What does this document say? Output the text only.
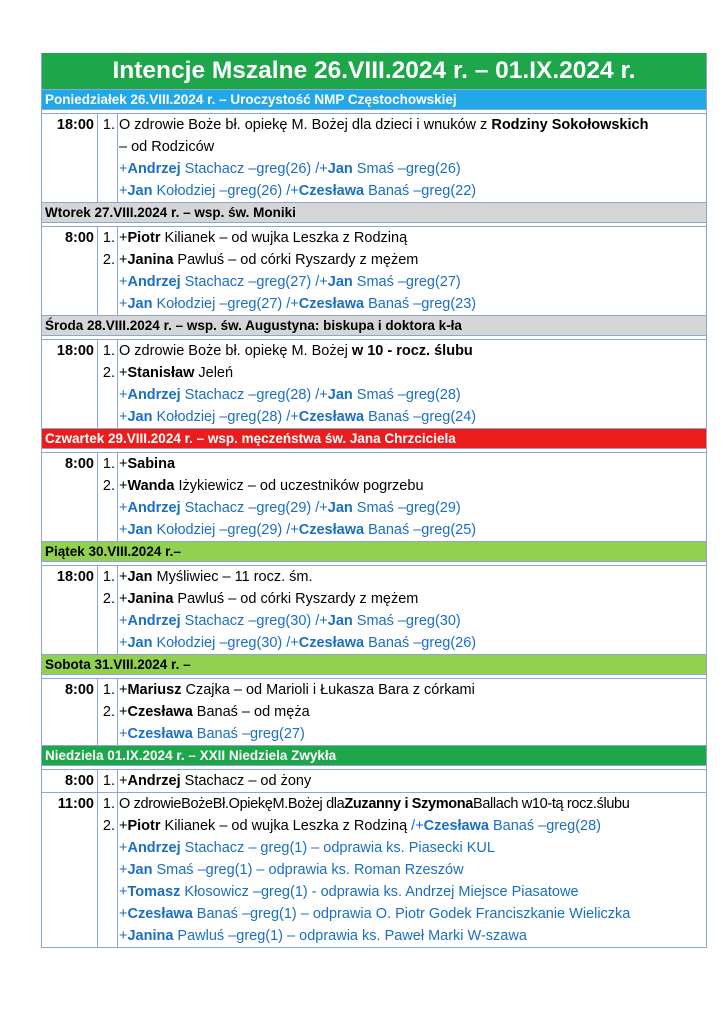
Intencje Mszalne 26.VIII.2024 r. – 01.IX.2024 r.
Poniedziałek 26.VIII.2024 r. – Uroczystość NMP Częstochowskiej
18:00 1. O zdrowie Boże bł. opiekę M. Bożej dla dzieci i wnuków z Rodziny Sokołowskich
– od Rodziców
+Andrzej Stachacz –greg(26) /+Jan Smaś –greg(26)
+Jan Kołodziej –greg(26) /+Czesława Banaś –greg(22)
Wtorek 27.VIII.2024 r. – wsp. św. Moniki
8:00 1.
2.
+Piotr Kilianek – od wujka Leszka z Rodziną
+Janina Pawluś – od córki Ryszardy z mężem
+Andrzej Stachacz –greg(27) /+Jan Smaś –greg(27)
+Jan Kołodziej –greg(27) /+Czesława Banaś –greg(23)
Środa 28.VIII.2024 r. – wsp. św. Augustyna: biskupa i doktora k-ła
18:00 1.
2.
O zdrowie Boże bł. opiekę M. Bożej w 10 - rocz. ślubu
+Stanisław Jeleń
+Andrzej Stachacz –greg(28) /+Jan Smaś –greg(28)
+Jan Kołodziej –greg(28) /+Czesława Banaś –greg(24)
Czwartek 29.VIII.2024 r. – wsp. męczeństwa św. Jana Chrzciciela
8:00 1.
2.
+Sabina
+Wanda Iżykiewicz – od uczestników pogrzebu
+Andrzej Stachacz –greg(29) /+Jan Smaś –greg(29)
+Jan Kołodziej –greg(29) /+Czesława Banaś –greg(25)
Piątek 30.VIII.2024 r.–
18:00 1.
2.
+Jan Myśliwiec – 11 rocz. śm.
+Janina Pawluś – od córki Ryszardy z mężem
+Andrzej Stachacz –greg(30) /+Jan Smaś –greg(30)
+Jan Kołodziej –greg(30) /+Czesława Banaś –greg(26)
Sobota 31.VIII.2024 r. –
8:00 1.
2.
+Mariusz Czajka – od Marioli i Łukasza Bara z córkami
+Czesława Banaś – od męża
+Czesława Banaś –greg(27)
Niedziela 01.IX.2024 r. – XXII Niedziela Zwykła
8:00 1. +Andrzej Stachacz – od żony
11:00 1.
2.
O zdrowieBożeBł.OpiekęM.Bożej dlaZuzanny i SzymonaBallach w10-tą rocz.ślubu
+Piotr Kilianek – od wujka Leszka z Rodziną /+Czesława Banaś –greg(28)
+Andrzej Stachacz – greg(1) – odprawia ks. Piasecki KUL
+Jan Smaś –greg(1) – odprawia ks. Roman Rzeszów
+Tomasz Kłosowicz –greg(1) - odprawia ks. Andrzej Miejsce Piasatowe
+Czesława Banaś –greg(1) – odprawia O. Piotr Godek Franciszkanie Wieliczka
+Janina Pawluś –greg(1) – odprawia ks. Paweł Marki W-szawa
